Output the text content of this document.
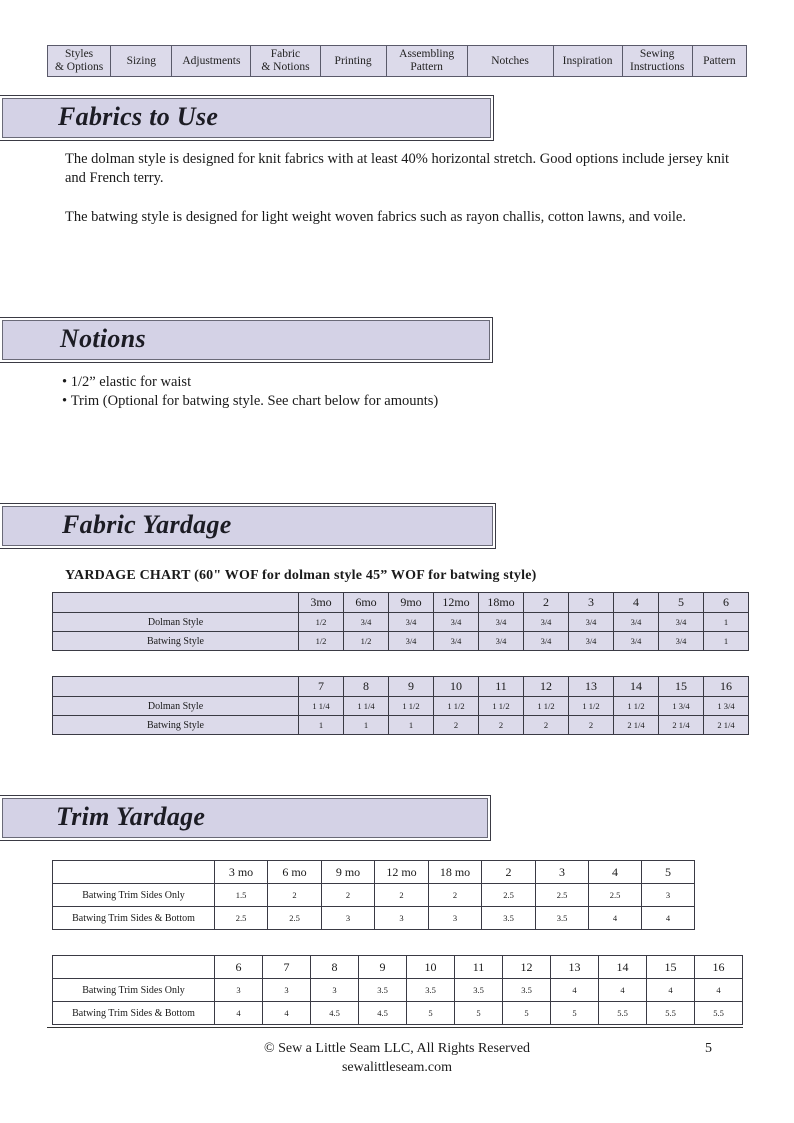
Styles
& Options
Sizing	Adjustments
Fabric
& Notions
Printing
Assembling
Pattern
Notches	Inspiration
Sewing
Instructions
Pattern
Fabrics to Use
The dolman style is designed for knit fabrics with at least 40% horizontal stretch. Good options include jersey knit and French terry.
The batwing style is designed for light weight woven fabrics such as rayon challis, cotton lawns, and voile.
Notions
• 1/2” elastic for waist
• Trim (Optional for batwing style. See chart below for amounts)
Fabric Yardage
YARDAGE CHART (60" WOF for dolman style 45” WOF for batwing style)
	3mo	6mo	9mo	12mo	18mo	2	3	4	5	6
Dolman Style	1/2	3/4	3/4	3/4	3/4	3/4	3/4	3/4	3/4	1
Batwing Style	1/2	1/2	3/4	3/4	3/4	3/4	3/4	3/4	3/4	1
	7	8	9	10	11	12	13	14	15	16
Dolman Style	1 1/4	1 1/4	1 1/2	1 1/2	1 1/2	1 1/2	1 1/2	1 1/2	1 3/4	1 3/4
Batwing Style	1	1	1	2	2	2	2	2 1/4	2 1/4	2 1/4
Trim Yardage
	3 mo	6 mo	9 mo	12 mo	18 mo	2	3	4	5
Batwing Trim Sides Only	1.5	2	2	2	2	2.5	2.5	2.5	3
Batwing Trim Sides & Bottom	2.5	2.5	3	3	3	3.5	3.5	4	4
	6	7	8	9	10	11	12	13	14	15	16
Batwing Trim Sides Only	3	3	3	3.5	3.5	3.5	3.5	4	4	4	4
Batwing Trim Sides & Bottom	4	4	4.5	4.5	5	5	5	5	5.5	5.5	5.5
© Sew a Little Seam LLC, All Rights Reserved
sewalittleseam.com
5
